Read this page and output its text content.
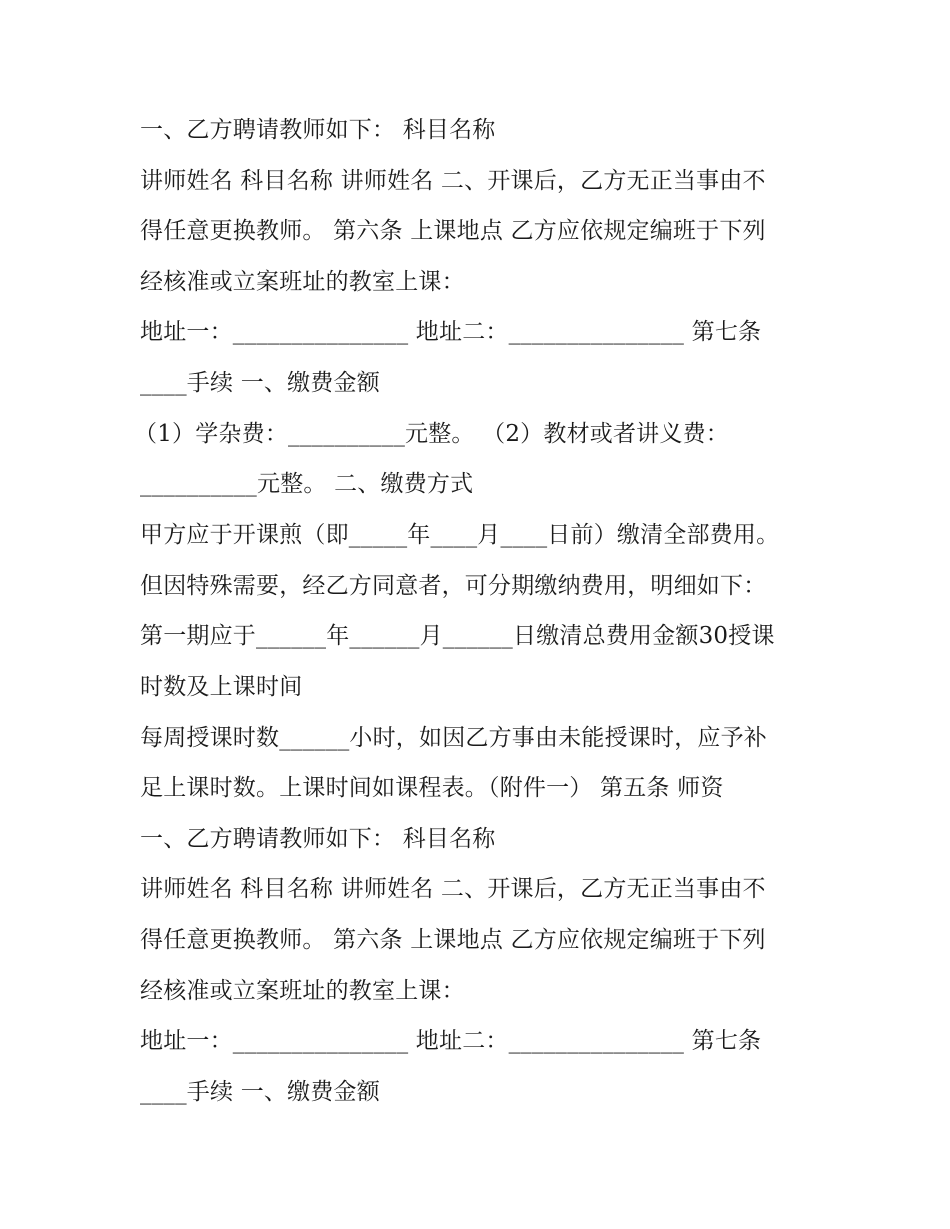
一、乙方聘请教师如下： 科目名称
讲师姓名 科目名称 讲师姓名 二、开课后，乙方无正当事由不
得任意更换教师。 第六条 上课地点 乙方应依规定编班于下列
经核准或立案班址的教室上课：
地址一：_______________ 地址二：_______________ 第七条
____手续 一、缴费金额
（1）学杂费：__________元整。 （2）教材或者讲义费：
__________元整。 二、缴费方式
甲方应于开课煎（即_____年____月____日前）缴清全部费用。
但因特殊需要，经乙方同意者，可分期缴纳费用，明细如下：
第一期应于______年______月______日缴清总费用金额30授课
时数及上课时间
每周授课时数______小时，如因乙方事由未能授课时，应予补
足上课时数。上课时间如课程表。（附件一） 第五条 师资
一、乙方聘请教师如下： 科目名称
讲师姓名 科目名称 讲师姓名 二、开课后，乙方无正当事由不
得任意更换教师。 第六条 上课地点 乙方应依规定编班于下列
经核准或立案班址的教室上课：
地址一：_______________ 地址二：_______________ 第七条
____手续 一、缴费金额
